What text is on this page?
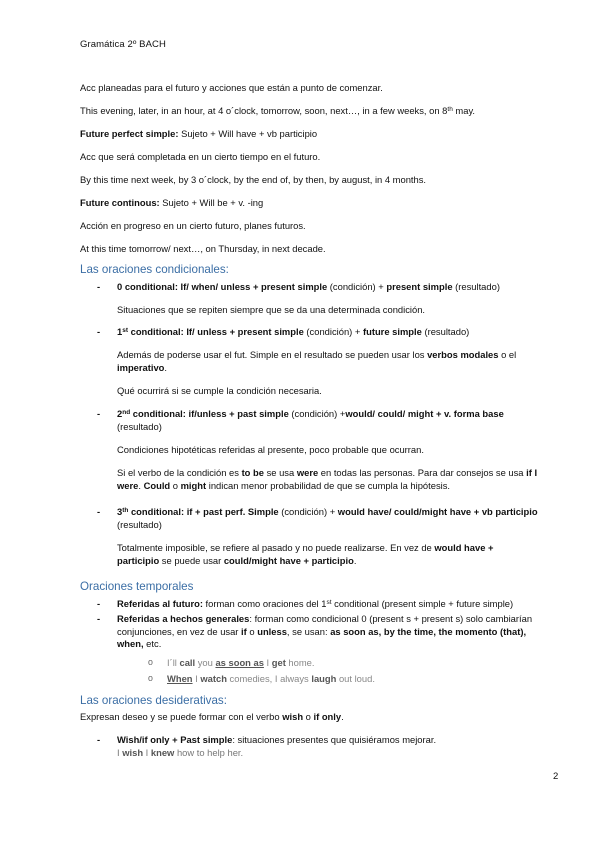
Gramática 2º BACH
Acc planeadas para el futuro y acciones que están a punto de comenzar.
This evening, later, in an hour, at 4 o´clock, tomorrow, soon, next…, in a few weeks, on 8th may.
Future perfect simple: Sujeto + Will have + vb participio
Acc que será completada en un cierto tiempo en el futuro.
By this time next week, by 3 o´clock, by the end of, by then, by august, in 4 months.
Future continous: Sujeto + Will be + v. -ing
Acción en progreso en un cierto futuro, planes futuros.
At this time tomorrow/ next…, on Thursday, in next decade.
Las oraciones condicionales:
- 0 conditional: If/ when/ unless + present simple (condición) + present simple (resultado)
Situaciones que se repiten siempre que se da una determinada condición.
- 1st conditional: If/ unless + present simple (condición) + future simple (resultado)
Además de poderse usar el fut. Simple en el resultado se pueden usar los verbos modales o el
imperativo.
Qué ocurrirá si se cumple la condición necesaria.
- 2nd conditional: if/unless + past simple (condición) +would/ could/ might + v. forma base
(resultado)
Condiciones hipotéticas referidas al presente, poco probable que ocurran.
Si el verbo de la condición es to be se usa were en todas las personas. Para dar consejos se usa if I
were. Could o might indican menor probabilidad de que se cumpla la hipótesis.
- 3th conditional: if + past perf. Simple (condición) + would have/ could/might have + vb participio
(resultado)
Totalmente imposible, se refiere al pasado y no puede realizarse. En vez de would have +
participio se puede usar could/might have + participio.
Oraciones temporales
- Referidas al futuro: forman como oraciones del 1st conditional (present simple + future simple)
- Referidas a hechos generales: forman como condicional 0 (present s + present s) solo cambiarían
conjunciones, en vez de usar if o unless, se usan: as soon as, by the time, the momento (that),
when, etc.
o I´ll call you as soon as I get home.
o When I watch comedies, I always laugh out loud.
Las oraciones desiderativas:
Expresan deseo y se puede formar con el verbo wish o if only.
- Wish/if only + Past simple: situaciones presentes que quisiéramos mejorar.
I wish I knew how to help her.
2
